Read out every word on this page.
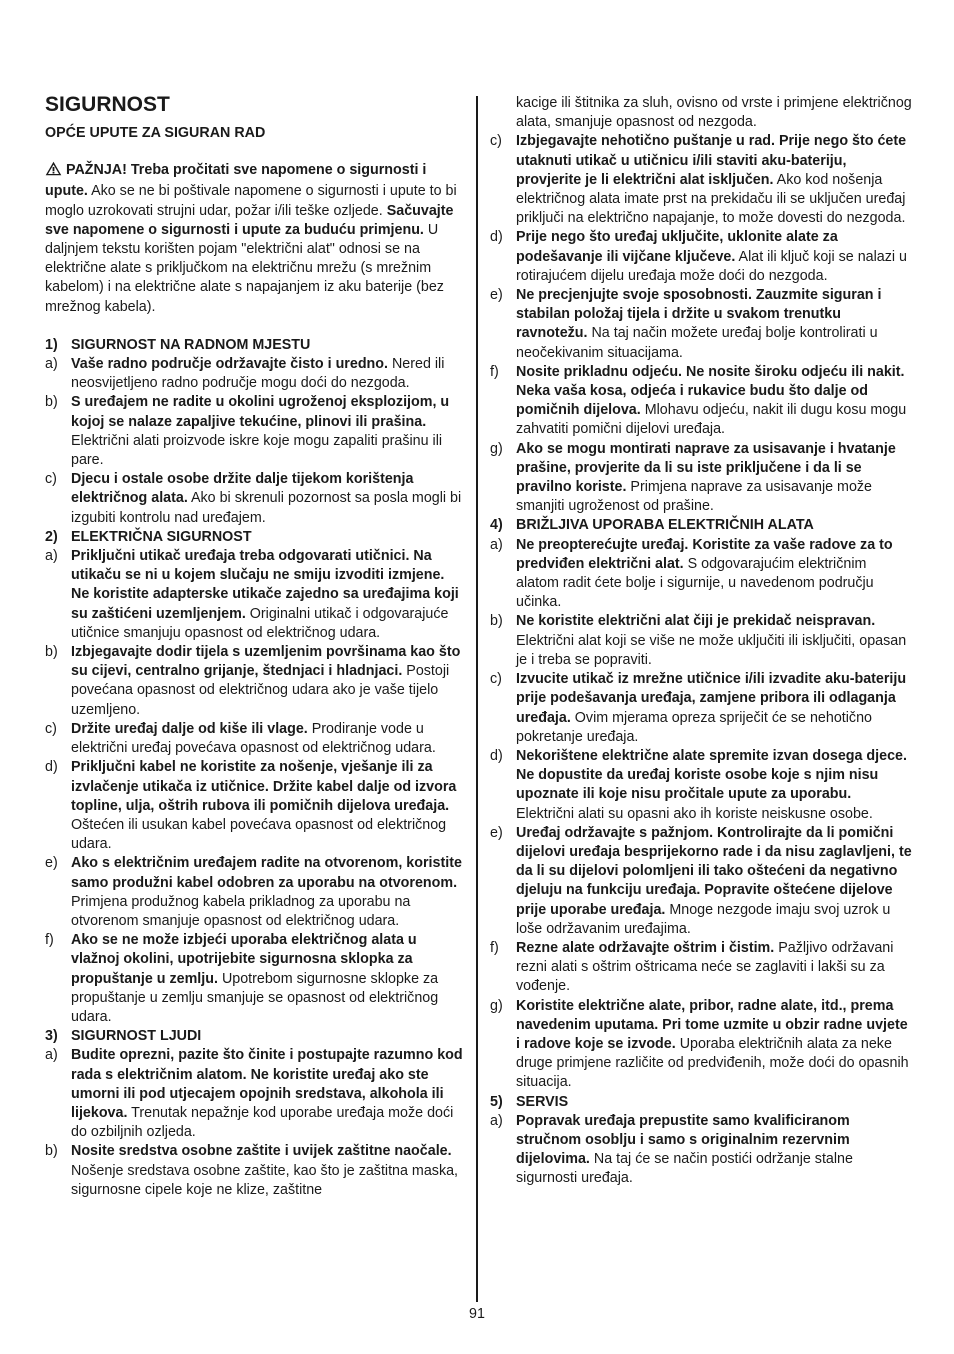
SIGURNOST
OPĆE UPUTE ZA SIGURAN RAD
PAŽNJA! Treba pročitati sve napomene o sigurnosti i upute. Ako se ne bi poštivale napomene o sigurnosti i upute to bi moglo uzrokovati strujni udar, požar i/ili teške ozljede. Sačuvajte sve napomene o sigurnosti i upute za buduću primjenu. U daljnjem tekstu korišten pojam "električni alat" odnosi se na električne alate s priključkom na električnu mrežu (s mrežnim kabelom) i na električne alate s napajanjem iz aku baterije (bez mrežnog kabela).
1) SIGURNOST NA RADNOM MJESTU
a) Vaše radno područje održavajte čisto i uredno. Nered ili neosvijetljeno radno područje mogu doći do nezgoda.
b) S uređajem ne radite u okolini ugroženoj eksplozijom, u kojoj se nalaze zapaljive tekućine, plinovi ili prašina. Električni alati proizvode iskre koje mogu zapaliti prašinu ili pare.
c) Djecu i ostale osobe držite dalje tijekom korištenja električnog alata. Ako bi skrenuli pozornost sa posla mogli bi izgubiti kontrolu nad uređajem.
2) ELEKTRIČNA SIGURNOST
a) Priključni utikač uređaja treba odgovarati utičnici. Na utikaču se ni u kojem slučaju ne smiju izvoditi izmjene. Ne koristite adapterske utikače zajedno sa uređajima koji su zaštićeni uzemljenjem. Originalni utikač i odgovarajuće utičnice smanjuju opasnost od električnog udara.
b) Izbjegavajte dodir tijela s uzemljenim površinama kao što su cijevi, centralno grijanje, štednjaci i hladnjaci. Postoji povećana opasnost od električnog udara ako je vaše tijelo uzemljeno.
c) Držite uređaj dalje od kiše ili vlage. Prodiranje vode u električni uređaj povećava opasnost od električnog udara.
d) Priključni kabel ne koristite za nošenje, vješanje ili za izvlačenje utikača iz utičnice. Držite kabel dalje od izvora topline, ulja, oštrih rubova ili pomičnih dijelova uređaja. Oštećen ili usukan kabel povećava opasnost od električnog udara.
e) Ako s električnim uređajem radite na otvorenom, koristite samo produžni kabel odobren za uporabu na otvorenom. Primjena produžnog kabela prikladnog za uporabu na otvorenom smanjuje opasnost od električnog udara.
f)	Ako se ne može izbjeći uporaba električnog alata u vlažnoj okolini, upotrijebite sigurnosna sklopka za propuštanje u zemlju. Upotrebom sigurnosne sklopke za propuštanje u zemlju smanjuje se opasnost od električnog udara.
3) SIGURNOST LJUDI
a) Budite oprezni, pazite što činite i postupajte razumno kod rada s električnim alatom. Ne koristite uređaj ako ste umorni ili pod utjecajem opojnih sredstava, alkohola ili lijekova. Trenutak nepažnje kod uporabe uređaja može doći do ozbiljnih ozljeda.
b) Nosite sredstva osobne zaštite i uvijek zaštitne naočale. Nošenje sredstava osobne zaštite, kao što je zaštitna maska, sigurnosne cipele koje ne klize, zaštitne
kacige ili štitnika za sluh, ovisno od vrste i primjene električnog alata, smanjuje opasnost od nezgoda.
c) Izbjegavajte nehotično puštanje u rad. Prije nego što ćete utaknuti utikač u utičnicu i/ili staviti aku-bateriju, provjerite je li električni alat isključen. Ako kod nošenja električnog alata imate prst na prekidaču ili se uključen uređaj priključi na električno napajanje, to može dovesti do nezgoda.
d) Prije nego što uređaj uključite, uklonite alate za podešavanje ili vijčane ključeve. Alat ili ključ koji se nalazi u rotirajućem dijelu uređaja može doći do nezgoda.
e) Ne precjenjujte svoje sposobnosti. Zauzmite siguran i stabilan položaj tijela i držite u svakom trenutku ravnotežu. Na taj način možete uređaj bolje kontrolirati u neočekivanim situacijama.
f)	Nosite prikladnu odjeću. Ne nosite široku odjeću ili nakit. Neka vaša kosa, odjeća i rukavice budu što dalje od pomičnih dijelova. Mlohavu odjeću, nakit ili dugu kosu mogu zahvatiti pomični dijelovi uređaja.
g) Ako se mogu montirati naprave za usisavanje i hvatanje prašine, provjerite da li su iste priključene i da li se pravilno koriste. Primjena naprave za usisavanje može smanjiti ugroženost od prašine.
4) BRIŽLJIVA UPORABA ELEKTRIČNIH ALATA
a) Ne preopterećujte uređaj. Koristite za vaše radove za to predviđen električni alat. S odgovarajućim električnim alatom radit ćete bolje i sigurnije, u navedenom području učinka.
b) Ne koristite električni alat čiji je prekidač neispravan. Električni alat koji se više ne može uključiti ili isključiti, opasan je i treba se popraviti.
c) Izvucite utikač iz mrežne utičnice i/ili izvadite aku-bateriju prije podešavanja uređaja, zamjene pribora ili odlaganja uređaja. Ovim mjerama opreza spriječit će se nehotično pokretanje uređaja.
d) Nekorištene električne alate spremite izvan dosega djece. Ne dopustite da uređaj koriste osobe koje s njim nisu upoznate ili koje nisu pročitale upute za uporabu. Električni alati su opasni ako ih koriste neiskusne osobe.
e) Uređaj održavajte s pažnjom. Kontrolirajte da li pomični dijelovi uređaja besprijekorno rade i da nisu zaglavljeni, te da li su dijelovi polomljeni ili tako oštećeni da negativno djeluju na funkciju uređaja. Popravite oštećene dijelove prije uporabe uređaja. Mnoge nezgode imaju svoj uzrok u loše održavanim uređajima.
f)	Rezne alate održavajte oštrim i čistim. Pažljivo održavani rezni alati s oštrim oštricama neće se zaglaviti i lakši su za vođenje.
g) Koristite električne alate, pribor, radne alate, itd., prema navedenim uputama. Pri tome uzmite u obzir radne uvjete i radove koje se izvode. Uporaba električnih alata za neke druge primjene različite od predviđenih, može doći do opasnih situacija.
5) SERVIS
a) Popravak uređaja prepustite samo kvalificiranom stručnom osoblju i samo s originalnim rezervnim dijelovima. Na taj će se način postići održanje stalne sigurnosti uređaja.
91
